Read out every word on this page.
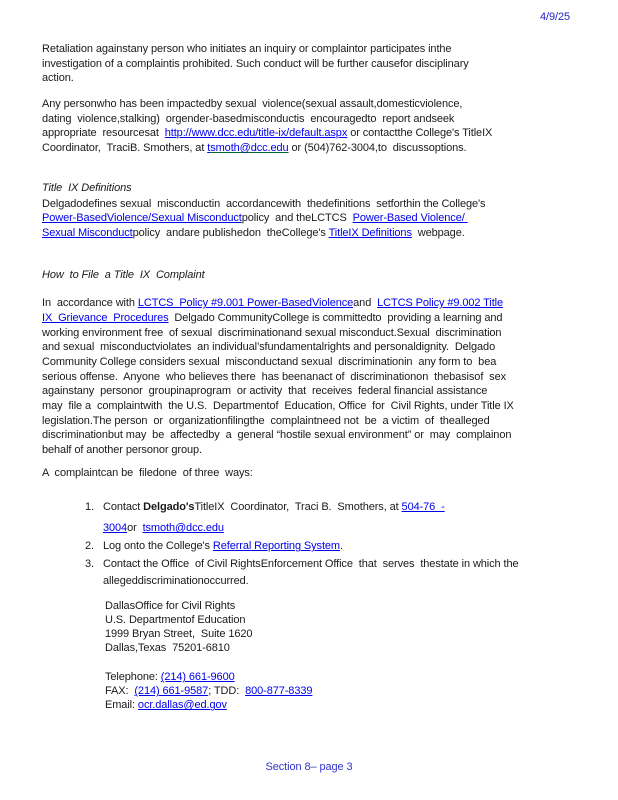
4/9/25
Retaliation againstany person who initiates an inquiry or complaintor participates inthe
investigation of a complaintis prohibited. Such conduct will be further causefor disciplinary
action.
Any personwho has been impactedby sexual  violence(sexual assault,domesticviolence,
dating  violence,stalking)  orgender-basedmisconductis  encouragedto  report andseek
appropriate  resourcesat  http://www.dcc.edu/title-ix/default.aspx or contactthe College's TitleIX
Coordinator,  TraciB. Smothers, at tsmoth@dcc.edu or (504)762-3004,to  discussoptions.
Title  IX Definitions
Delgadodefines sexual  misconductin  accordancewith  thedefinitions  setforthin the College's
Power-BasedViolence/Sexual Misconductpolicy  and theLCTCS  Power-Based Violence/
Sexual Misconductpolicy  andare publishedon  theCollege's TitleIX Definitions  webpage.
How  to File  a Title  IX  Complaint
In  accordance with LCTCS  Policy #9.001 Power-BasedViolenceand  LCTCS Policy #9.002 Title
IX  Grievance  Procedures  Delgado CommunityCollege is committedto  providing a learning and
working environment free  of sexual  discriminationand sexual misconduct.Sexual  discrimination
and sexual  misconductviolates  an individual’sfundamentalrights and personaldignity.  Delgado
Community College considers sexual  misconductand sexual  discriminationin  any form to  bea
serious offense.  Anyone  who believes there  has beenanact of  discriminationon  thebasisof  sex
againstany  personor  groupinaprogram  or activity  that  receives  federal financial assistance
may  file a  complaintwith  the U.S.  Departmentof  Education, Office  for  Civil Rights, under Title IX
legislation.The person  or  organizationfilingthe  complaintneed not  be  a victim  of  thealleged
discriminationbut may  be  affectedby  a  general “hostile sexual environment” or  may  complainon
behalf of another personor group.
A  complaintcan be  filedone  of three  ways:
1. Contact Delgado'sTitleIX  Coordinator,  Traci B.  Smothers, at 504-76  -
3004or  tsmoth@dcc.edu
2. Log onto the College's Referral Reporting System.
3. Contact the Office  of Civil RightsEnforcement Office  that  serves  thestate in which the
allegeddiscriminationoccurred.
DallasOffice for Civil Rights
U.S. Departmentof Education
1999 Bryan Street,  Suite 1620
Dallas,Texas  75201-6810
Telephone: (214) 661-9600
FAX:  (214) 661-9587; TDD:  800-877-8339
Email: ocr.dallas@ed.gov
Section 8– page 3
